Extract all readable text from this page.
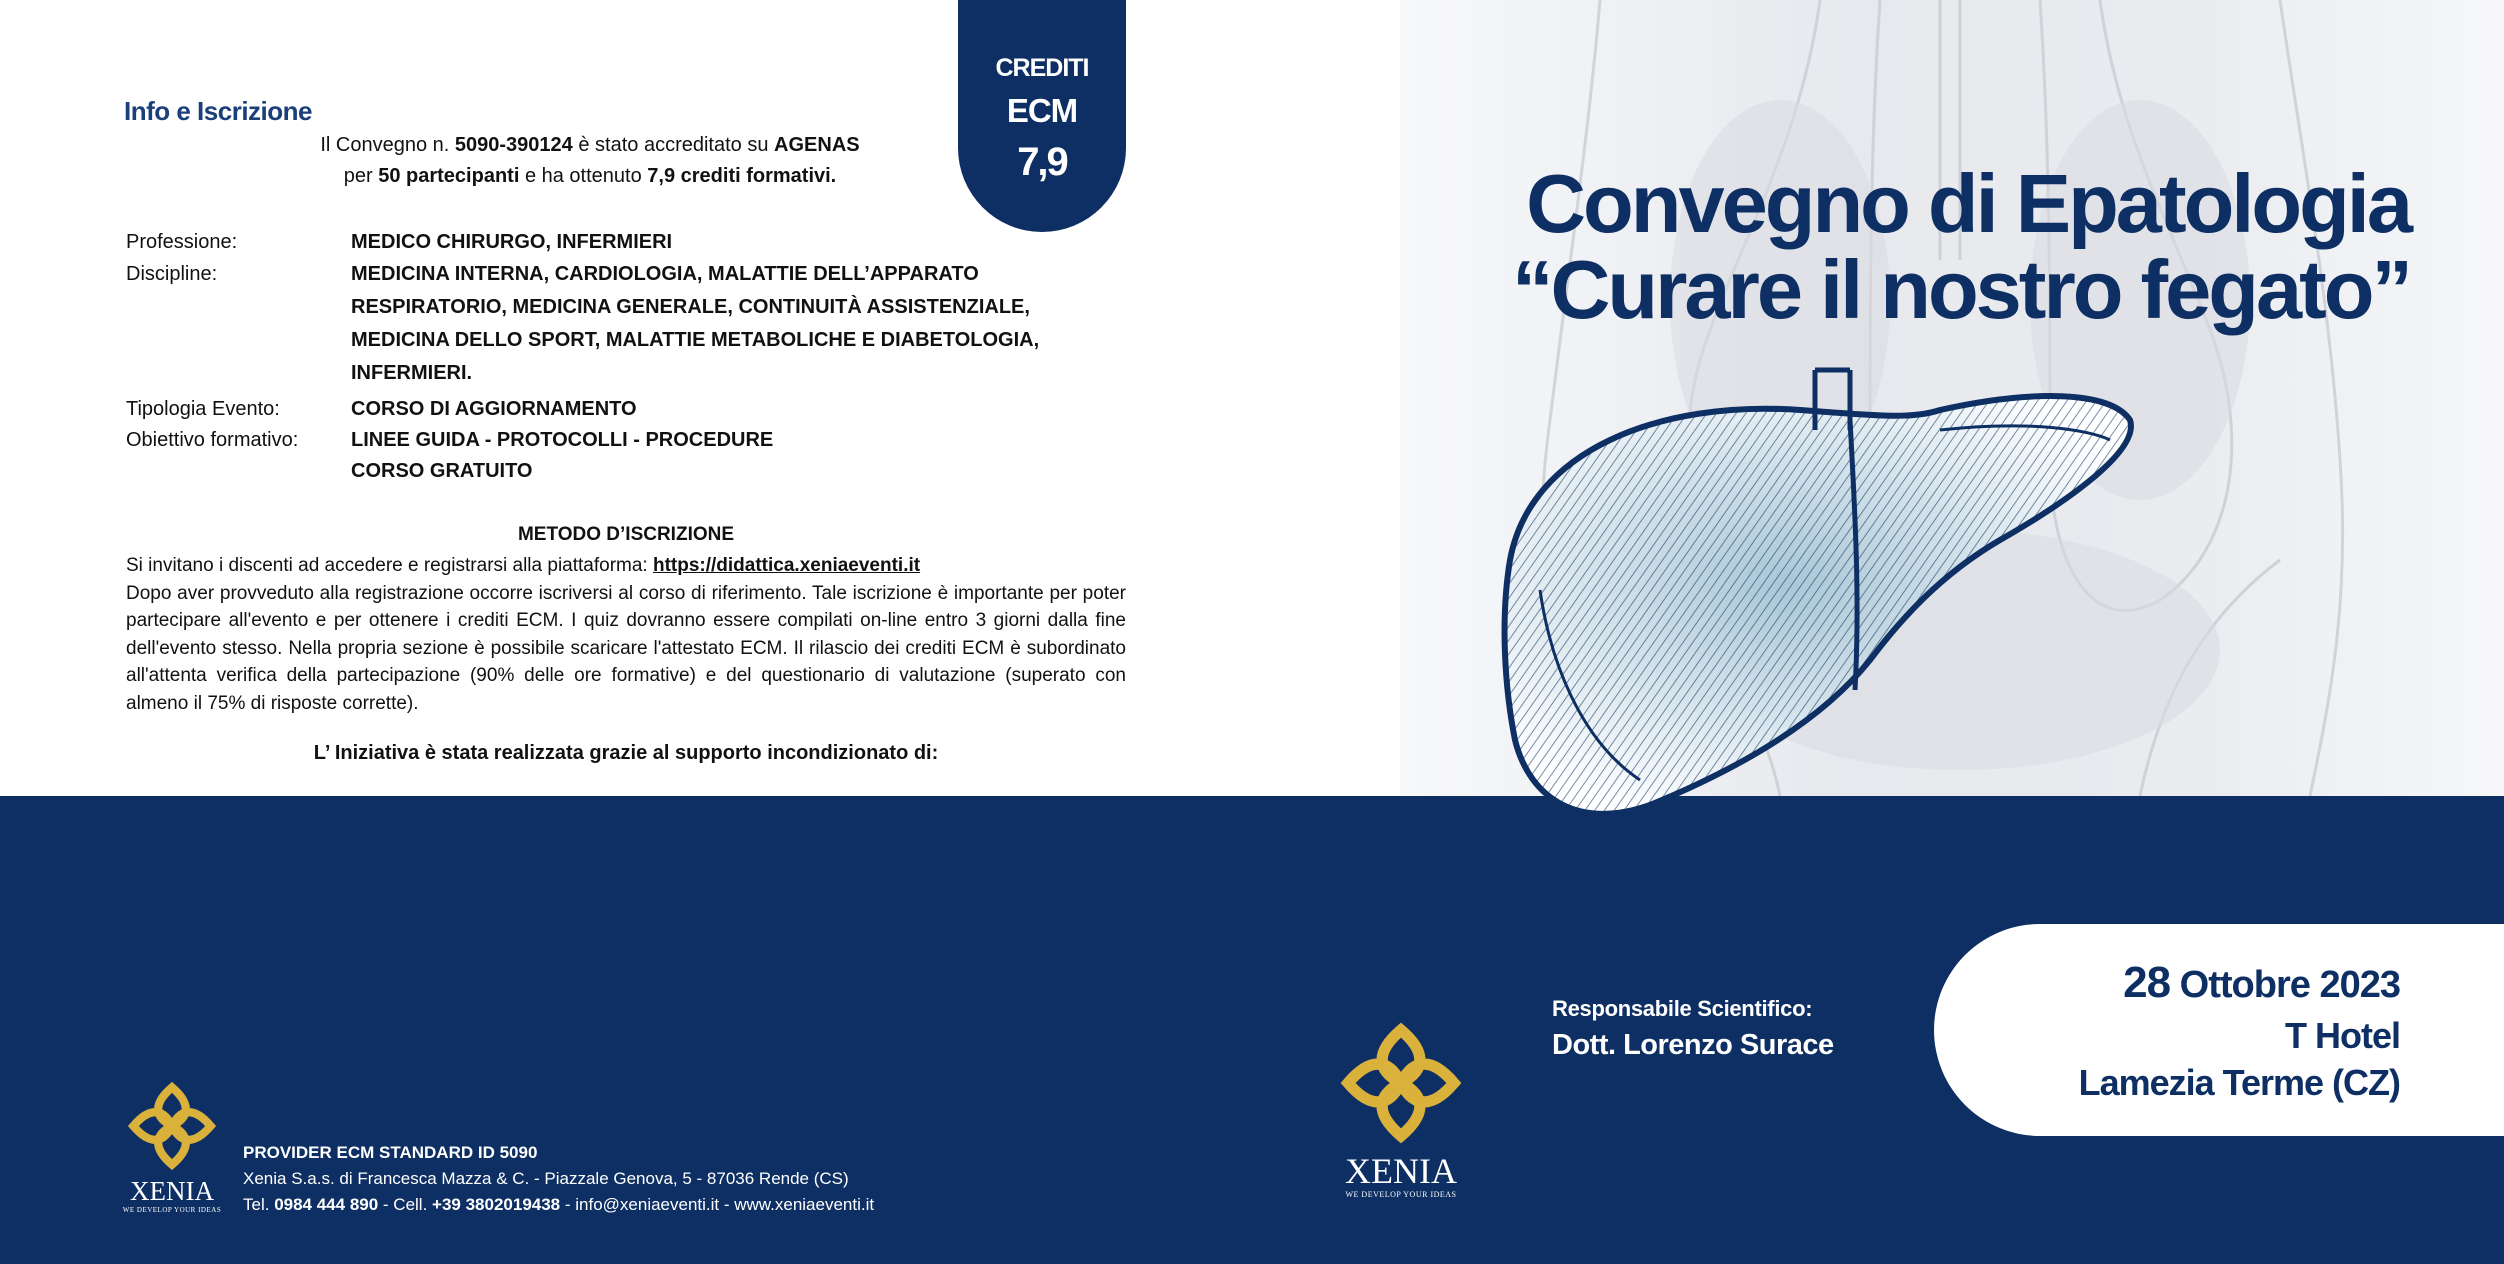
CREDITI
ECM
7,9
Info e Iscrizione
Il Convegno n. 5090-390124 è stato accreditato su AGENAS
per 50 partecipanti e ha ottenuto 7,9 crediti formativi.
Professione:	MEDICO CHIRURGO, INFERMIERI
Discipline:	MEDICINA INTERNA, CARDIOLOGIA, MALATTIE DELL’APPARATO
RESPIRATORIO, MEDICINA GENERALE, CONTINUITÀ ASSISTENZIALE,
MEDICINA DELLO SPORT, MALATTIE METABOLICHE E DIABETOLOGIA,
INFERMIERI.
Tipologia Evento:	CORSO DI AGGIORNAMENTO
Obiettivo formativo:	LINEE GUIDA - PROTOCOLLI - PROCEDURE
CORSO GRATUITO
METODO D’ISCRIZIONE
Si invitano i discenti ad accedere e registrarsi alla piattaforma: https://didattica.xeniaeventi.it
Dopo aver provveduto alla registrazione occorre iscriversi al corso di riferimento. Tale iscrizione è importante per poter partecipare all'evento e per ottenere i crediti ECM. I quiz dovranno essere compilati on-line entro 3 giorni dalla fine dell'evento stesso. Nella propria sezione è possibile scaricare l'attestato ECM. Il rilascio dei crediti ECM è subordinato all'attenta verifica della partecipazione (90% delle ore formative) e del questionario di valutazione (superato con almeno il 75% di risposte corrette).
L’ Iniziativa è stata realizzata grazie al supporto incondizionato di:
XENIA
WE DEVELOP YOUR IDEAS
PROVIDER ECM STANDARD ID 5090
Xenia S.a.s. di Francesca Mazza & C. - Piazzale Genova, 5 - 87036 Rende (CS)
Tel. 0984 444 890 - Cell. +39 3802019438 - info@xeniaeventi.it - www.xeniaeventi.it
Convegno di Epatologia
“Curare il nostro fegato”
XENIA
WE DEVELOP YOUR IDEAS
Responsabile Scientifico:
Dott. Lorenzo Surace
28 Ottobre 2023
T Hotel
Lamezia Terme (CZ)
